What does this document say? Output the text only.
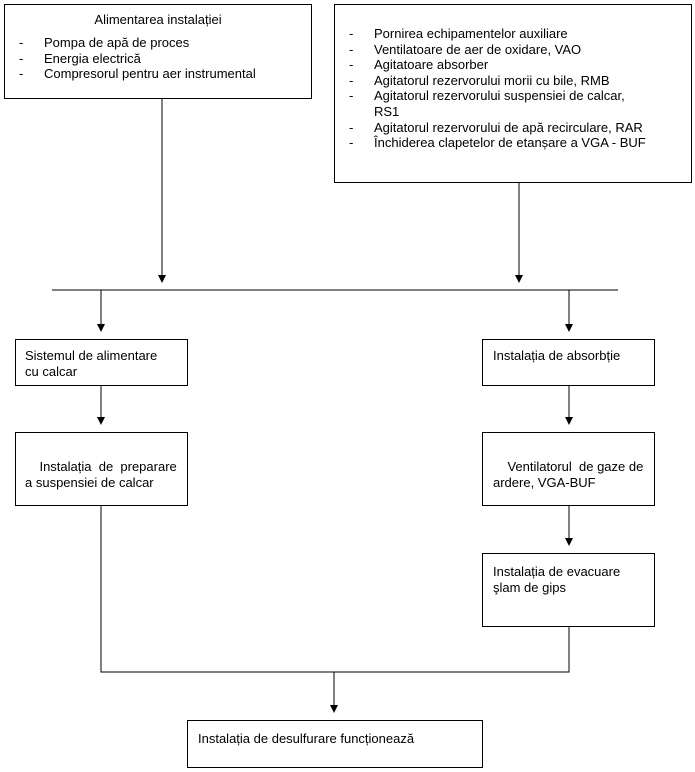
Alimentarea instalației
- Pompa de apă de proces
- Energia electrică
- Compresorul pentru aer instrumental
- Pornirea echipamentelor auxiliare
- Ventilatoare de aer de oxidare, VAO
- Agitatoare absorber
- Agitatorul rezervorului morii cu bile, RMB
- Agitatorul rezervorului suspensiei de calcar,
RS1
- Agitatorul rezervorului de apă recirculare, RAR
- Închiderea clapetelor de etanșare a VGA - BUF
Sistemul de alimentare
cu calcar
Instalația de absorbție

Instalația  de  preparare
a suspensiei de calcar

Ventilatorul  de gaze de
ardere, VGA-BUF

Instalația de evacuare
şlam de gips
Instalația de desulfurare funcționează
